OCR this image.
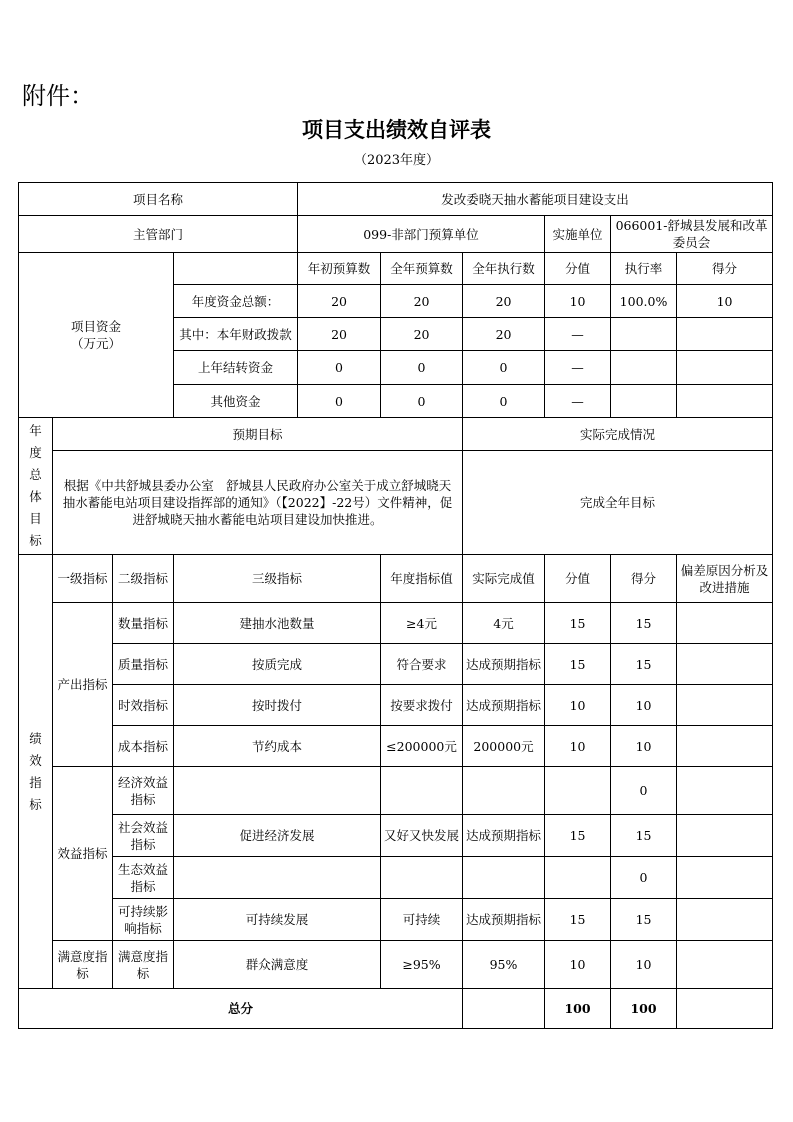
附件：
项目支出绩效自评表
（2023年度）
项目名称				发改委晓天抽水蓄能项目建设支出					
主管部门				099-非部门预算单位			实施单位	066001-舒城县发展和改革委员会	
项目资金
（万元）				年初预算数	全年预算数	全年执行数	分值	执行率	得分
			年度资金总额：	20	20	20	10	100.0%	10
			其中：本年财政拨款	20	20	20	—		
			上年结转资金	0	0	0	—		
			其他资金	0	0	0	—		
年度总体目标	预期目标					实际完成情况			
	根据《中共舒城县委办公室　舒城县人民政府办公室关于成立舒城晓天抽水蓄能电站项目建设指挥部的通知》（【2022】-22号）文件精神，促进舒城晓天抽水蓄能电站项目建设加快推进。					完成全年目标			
绩效指标	一级指标	二级指标	三级指标		年度指标值	实际完成值	分值	得分	偏差原因分析及改进措施
	产出指标	数量指标	建抽水池数量		≥4元	4元	15	15	
		质量指标	按质完成		符合要求	达成预期指标	15	15	
		时效指标	按时拨付		按要求拨付	达成预期指标	10	10	
		成本指标	节约成本		≤200000元	200000元	10	10	
	效益指标	经济效益指标						0	
		社会效益指标	促进经济发展		又好又快发展	达成预期指标	15	15	
		生态效益指标						0	
		可持续影响指标	可持续发展		可持续	达成预期指标	15	15	
	满意度指标	满意度指标	群众满意度		≥95%	95%	10	10	
总分							100	100	
